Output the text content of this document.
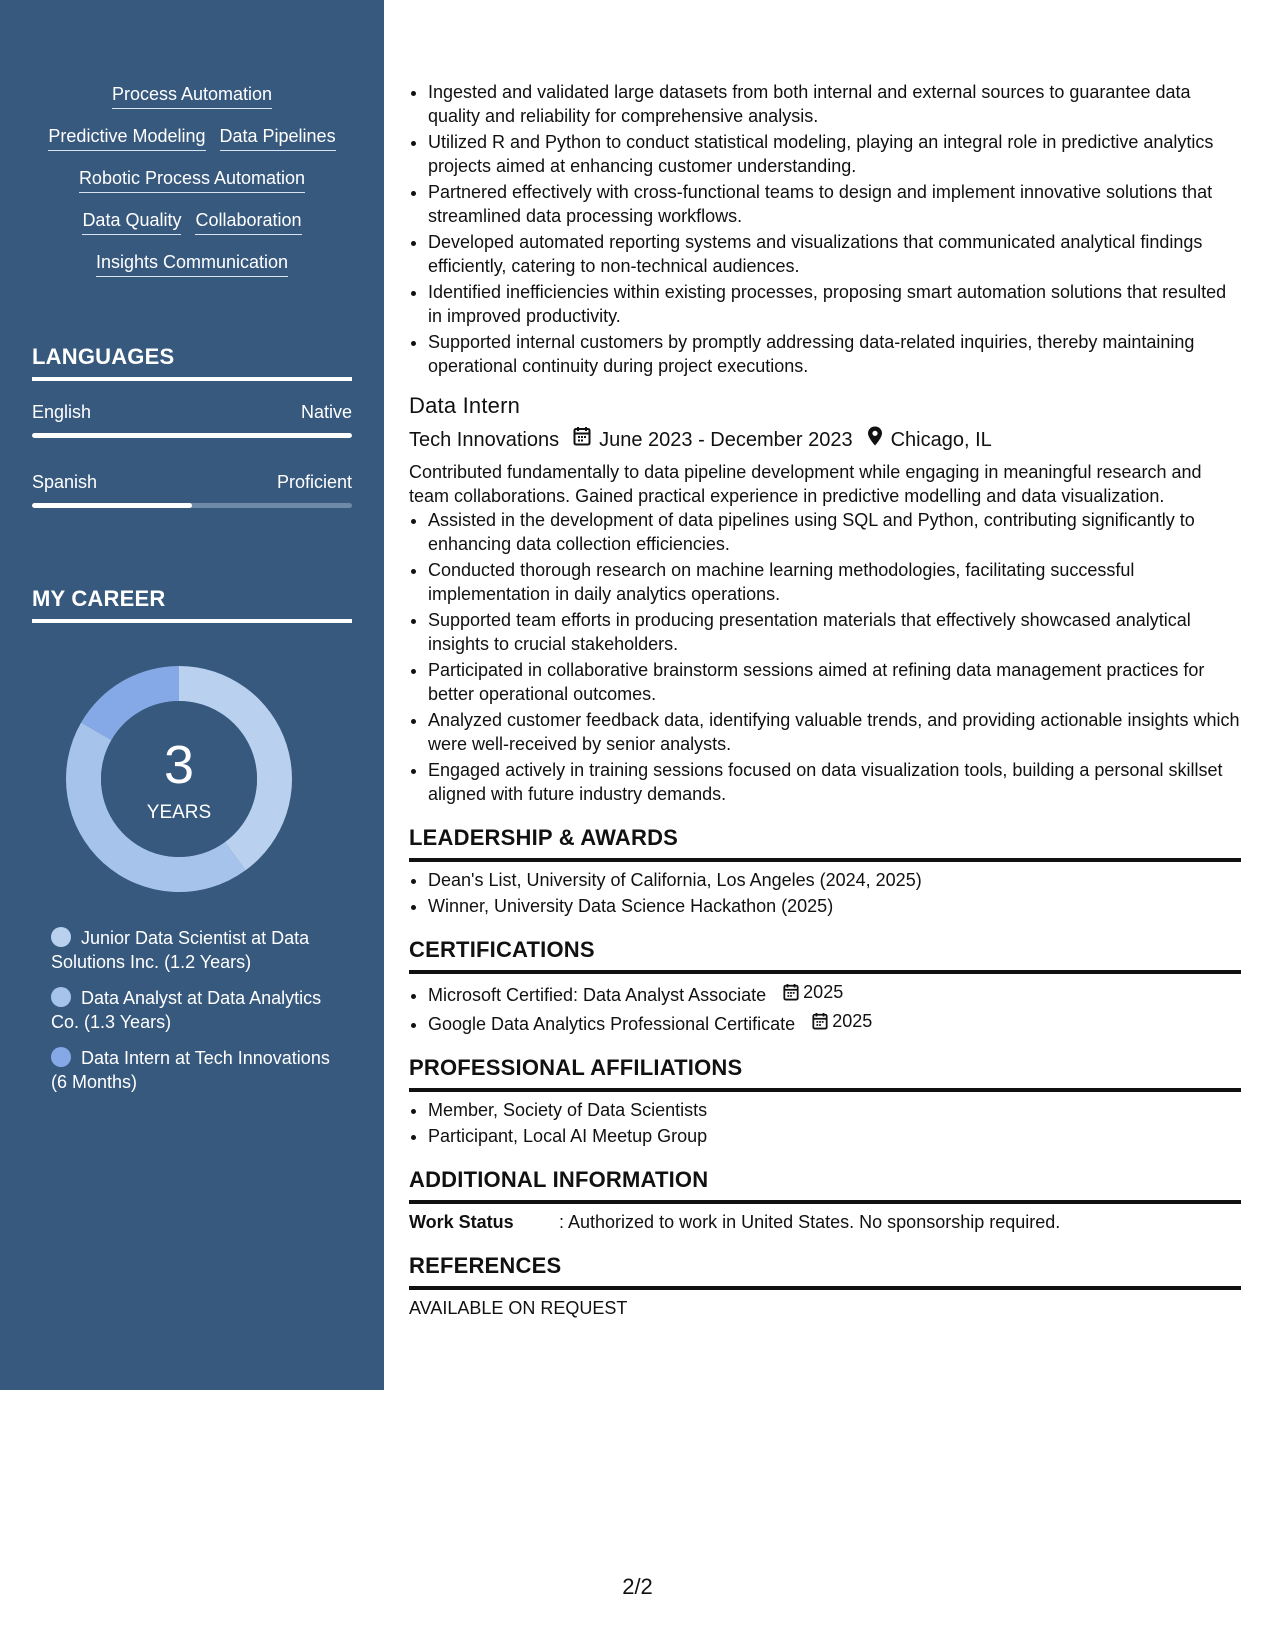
Process Automation
Predictive Modeling Data Pipelines
Robotic Process Automation
Data Quality Collaboration
Insights Communication
LANGUAGES
English	Native
Spanish	Proficient
MY CAREER
3
YEARS
Junior Data Scientist at Data Solutions Inc. (1.2 Years)
Data Analyst at Data Analytics Co. (1.3 Years)
Data Intern at Tech Innovations (6 Months)
• Ingested and validated large datasets from both internal and external sources to guarantee data quality and reliability for comprehensive analysis.
• Utilized R and Python to conduct statistical modeling, playing an integral role in predictive analytics projects aimed at enhancing customer understanding.
• Partnered effectively with cross-functional teams to design and implement innovative solutions that streamlined data processing workflows.
• Developed automated reporting systems and visualizations that communicated analytical findings efficiently, catering to non-technical audiences.
• Identified inefficiencies within existing processes, proposing smart automation solutions that resulted in improved productivity.
• Supported internal customers by promptly addressing data-related inquiries, thereby maintaining operational continuity during project executions.
Data Intern
Tech Innovations June 2023 - December 2023 Chicago, IL
Contributed fundamentally to data pipeline development while engaging in meaningful research and team collaborations. Gained practical experience in predictive modelling and data visualization.
• Assisted in the development of data pipelines using SQL and Python, contributing significantly to enhancing data collection efficiencies.
• Conducted thorough research on machine learning methodologies, facilitating successful implementation in daily analytics operations.
• Supported team efforts in producing presentation materials that effectively showcased analytical insights to crucial stakeholders.
• Participated in collaborative brainstorm sessions aimed at refining data management practices for better operational outcomes.
• Analyzed customer feedback data, identifying valuable trends, and providing actionable insights which were well-received by senior analysts.
• Engaged actively in training sessions focused on data visualization tools, building a personal skillset aligned with future industry demands.
LEADERSHIP & AWARDS
• Dean's List, University of California, Los Angeles (2024, 2025)
• Winner, University Data Science Hackathon (2025)
CERTIFICATIONS
• Microsoft Certified: Data Analyst Associate 2025
• Google Data Analytics Professional Certificate 2025
PROFESSIONAL AFFILIATIONS
• Member, Society of Data Scientists
• Participant, Local AI Meetup Group
ADDITIONAL INFORMATION
Work Status	: Authorized to work in United States. No sponsorship required.
REFERENCES
AVAILABLE ON REQUEST
2/2
